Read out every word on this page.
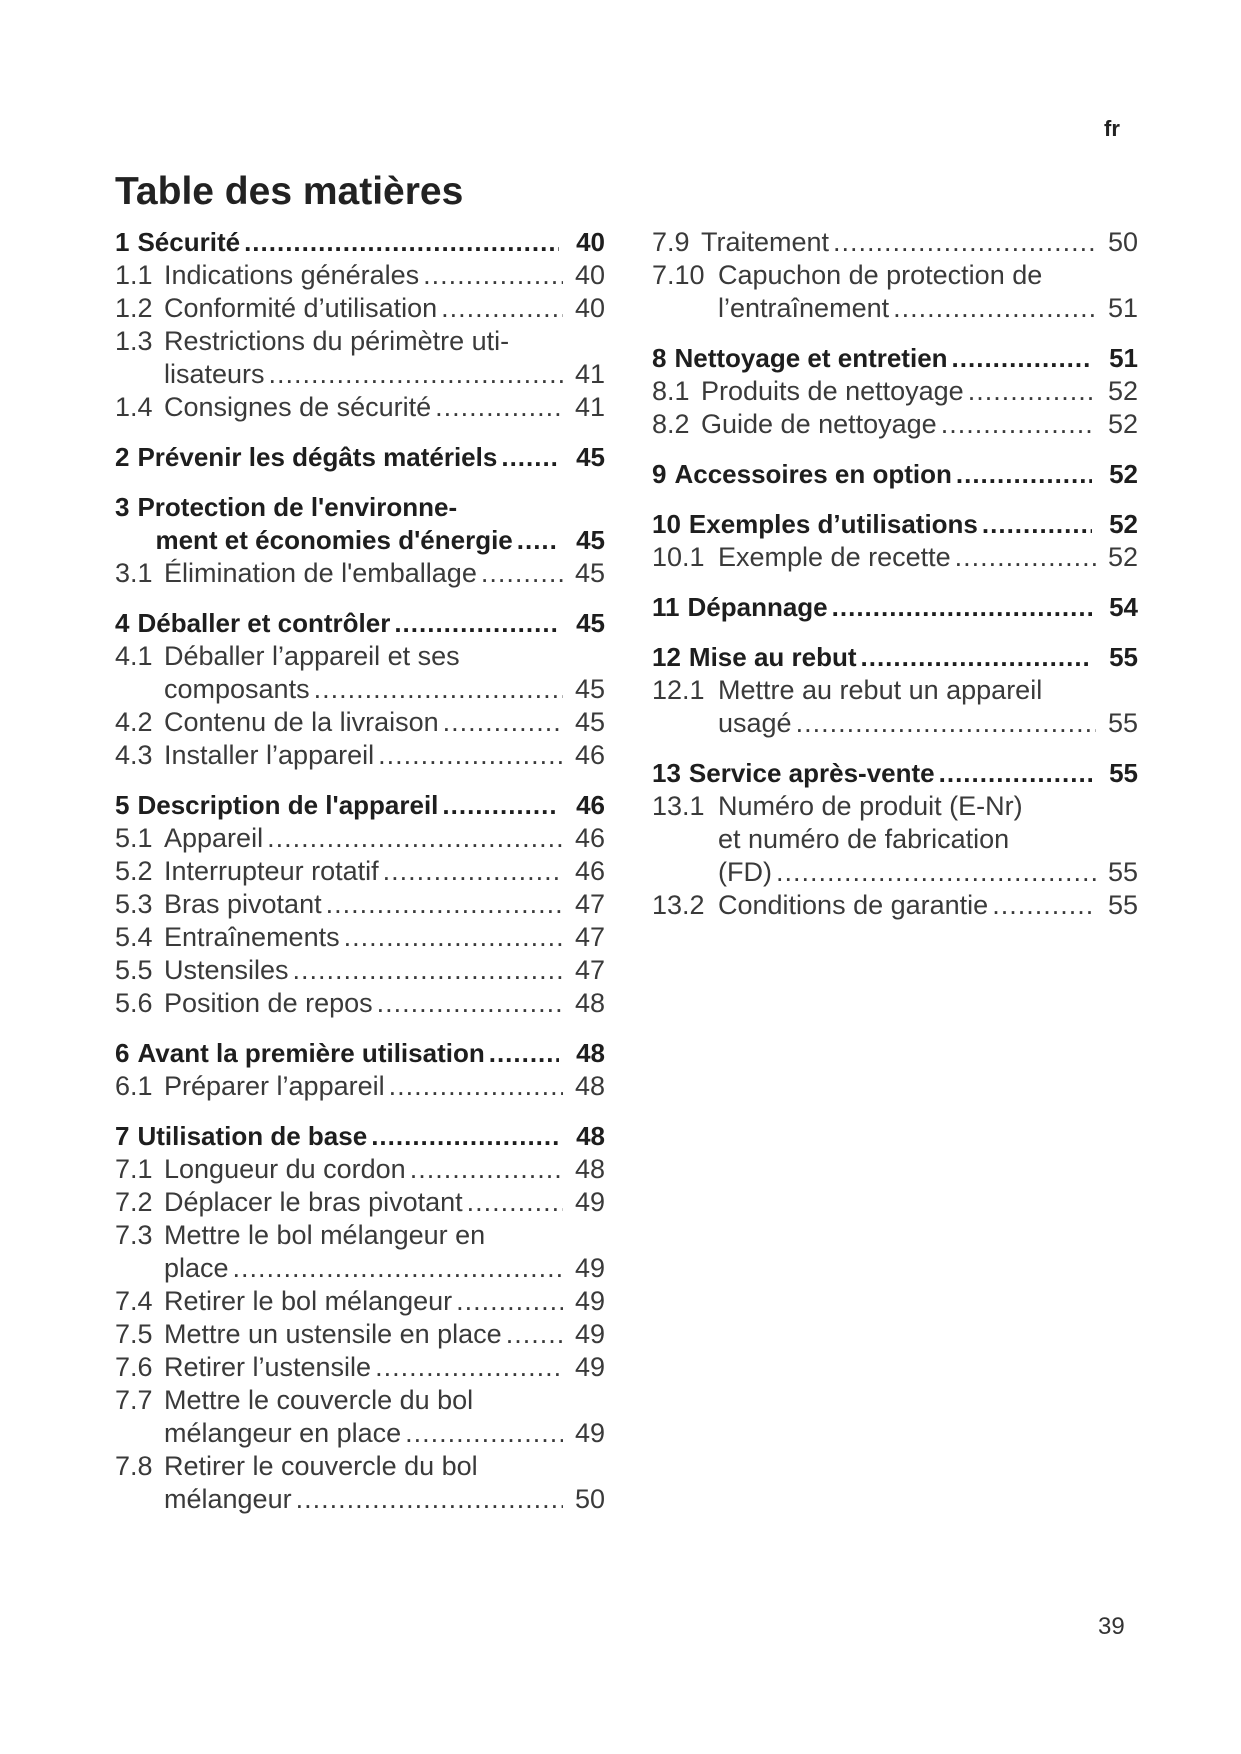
fr
Table des matières
1 Sécurité .....	40
1.1 Indications générales .....	40
1.2 Conformité d’utilisation .....	40
1.3 Restrictions du périmètre uti-
lisateurs .....	41
1.4 Consignes de sécurité .....	41
2 Prévenir les dégâts matériels .....	45
3 Protection de l'environne-
ment et économies d'énergie ..... 45
3.1 Élimination de l'emballage .....	45
4 Déballer et contrôler .....	45
4.1 Déballer l’appareil et ses
composants .....	45
4.2 Contenu de la livraison .....	45
4.3 Installer l’appareil .....	46
5 Description de l'appareil .....	46
5.1 Appareil .....	46
5.2 Interrupteur rotatif .....	46
5.3 Bras pivotant .....	47
5.4 Entraînements .....	47
5.5 Ustensiles .....	47
5.6 Position de repos .....	48
6 Avant la première utilisation .....	48
6.1 Préparer l’appareil .....	48
7 Utilisation de base .....	48
7.1 Longueur du cordon .....	48
7.2 Déplacer le bras pivotant .....	49
7.3 Mettre le bol mélangeur en
place .....	49
7.4 Retirer le bol mélangeur .....	49
7.5 Mettre un ustensile en place .....	49
7.6 Retirer l’ustensile .....	49
7.7 Mettre le couvercle du bol
mélangeur en place .....	49
7.8 Retirer le couvercle du bol
mélangeur .....	50
7.9 Traitement .....	50
7.10 Capuchon de protection de
l’entraînement .....	51
8 Nettoyage et entretien .....	51
8.1 Produits de nettoyage .....	52
8.2 Guide de nettoyage .....	52
9 Accessoires en option .....	52
10 Exemples d’utilisations .....	52
10.1 Exemple de recette .....	52
11 Dépannage .....	54
12 Mise au rebut .....	55
12.1 Mettre au rebut un appareil
usagé .....	55
13 Service après-vente .....	55
13.1 Numéro de produit (E-Nr)
et numéro de fabrication
(FD) .....	55
13.2 Conditions de garantie .....	55
39
